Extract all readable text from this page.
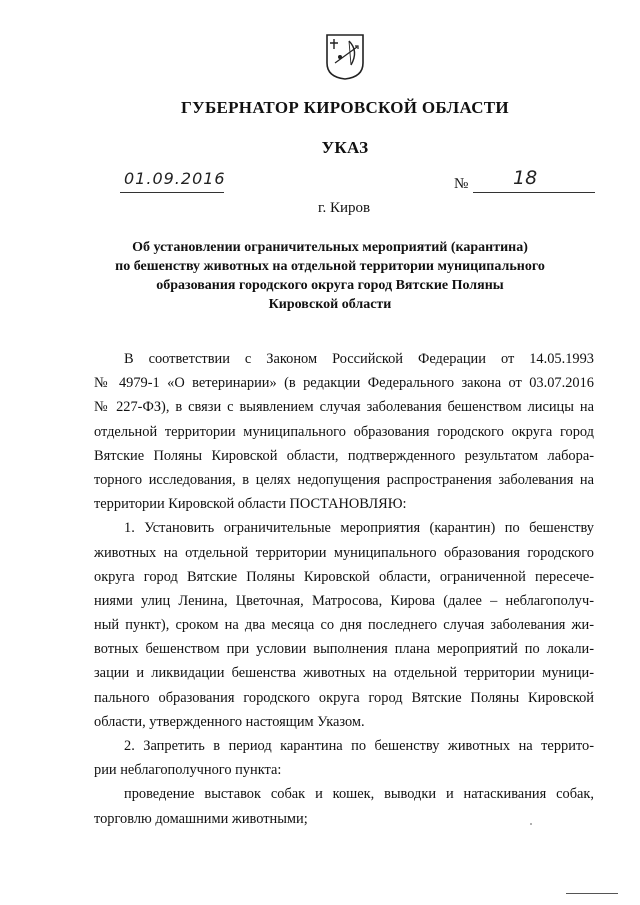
ГУБЕРНАТОР КИРОВСКОЙ ОБЛАСТИ
УКАЗ
01.09.2016	№ 18
г. Киров
Об установлении ограничительных мероприятий (карантина)
по бешенству животных на отдельной территории муниципального
образования городского округа город Вятские Поляны
Кировской области
В соответствии с Законом Российской Федерации от 14.05.1993
№ 4979-1 «О ветеринарии» (в редакции Федерального закона от 03.07.2016
№ 227-ФЗ), в связи с выявлением случая заболевания бешенством лисицы на
отдельной территории муниципального образования городского округа город
Вятские Поляны Кировской области, подтвержденного результатом лабора-
торного исследования, в целях недопущения распространения заболевания на
территории Кировской области ПОСТАНОВЛЯЮ:
1. Установить ограничительные мероприятия (карантин) по бешенству
животных на отдельной территории муниципального образования городского
округа город Вятские Поляны Кировской области, ограниченной пересече-
ниями улиц Ленина, Цветочная, Матросова, Кирова (далее – неблагополуч-
ный пункт), сроком на два месяца со дня последнего случая заболевания жи-
вотных бешенством при условии выполнения плана мероприятий по локали-
зации и ликвидации бешенства животных на отдельной территории муници-
пального образования городского округа город Вятские Поляны Кировской
области, утвержденного настоящим Указом.
2. Запретить в период карантина по бешенству животных на террито-
рии неблагополучного пункта:
проведение выставок собак и кошек, выводки и натаскивания собак,
торговлю домашними животными;
